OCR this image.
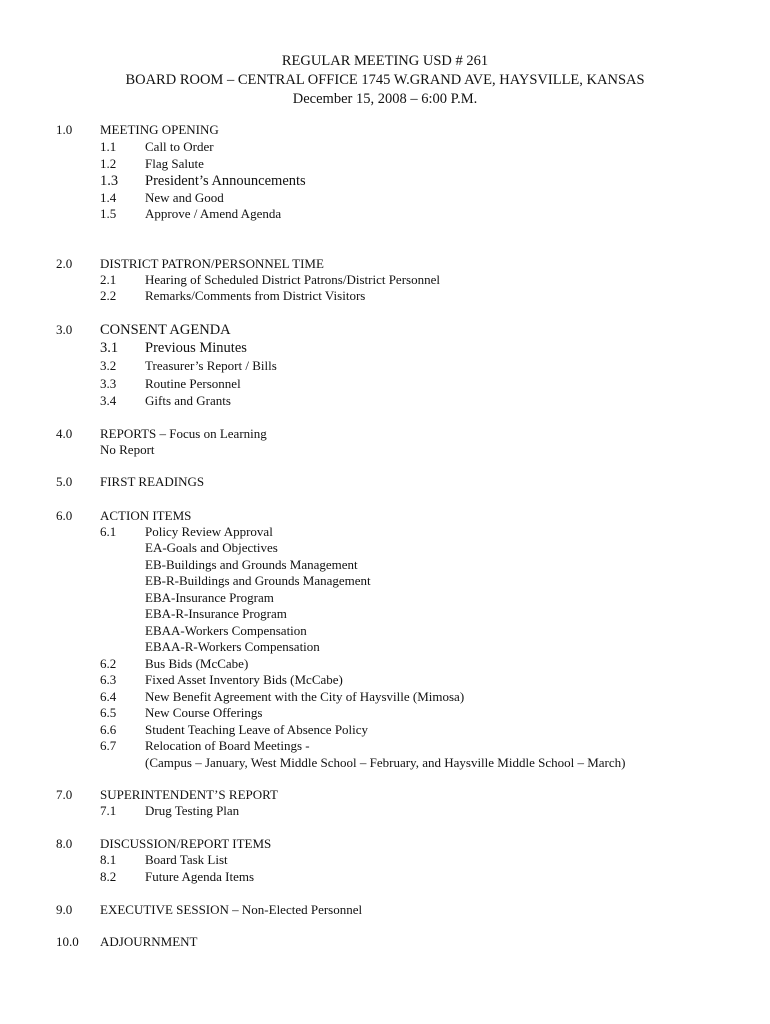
REGULAR MEETING USD # 261
BOARD ROOM – CENTRAL OFFICE 1745 W.GRAND AVE, HAYSVILLE, KANSAS
December 15, 2008 – 6:00 P.M.
1.0 MEETING OPENING
1.1 Call to Order
1.2 Flag Salute
1.3 President’s Announcements
1.4 New and Good
1.5 Approve / Amend Agenda
2.0 DISTRICT PATRON/PERSONNEL TIME
2.1 Hearing of Scheduled District Patrons/District Personnel
2.2 Remarks/Comments from District Visitors
3.0 CONSENT AGENDA
3.1 Previous Minutes
3.2 Treasurer’s Report / Bills
3.3 Routine Personnel
3.4 Gifts and Grants
4.0 REPORTS – Focus on Learning
No Report
5.0 FIRST READINGS
6.0 ACTION ITEMS
6.1 Policy Review Approval
EA-Goals and Objectives
EB-Buildings and Grounds Management
EB-R-Buildings and Grounds Management
EBA-Insurance Program
EBA-R-Insurance Program
EBAA-Workers Compensation
EBAA-R-Workers Compensation
6.2 Bus Bids (McCabe)
6.3 Fixed Asset Inventory Bids (McCabe)
6.4 New Benefit Agreement with the City of Haysville (Mimosa)
6.5 New Course Offerings
6.6 Student Teaching Leave of Absence Policy
6.7 Relocation of Board Meetings -
(Campus – January, West Middle School – February, and Haysville Middle School – March)
7.0 SUPERINTENDENT’S REPORT
7.1 Drug Testing Plan
8.0 DISCUSSION/REPORT ITEMS
8.1 Board Task List
8.2 Future Agenda Items
9.0 EXECUTIVE SESSION – Non-Elected Personnel
10.0 ADJOURNMENT
